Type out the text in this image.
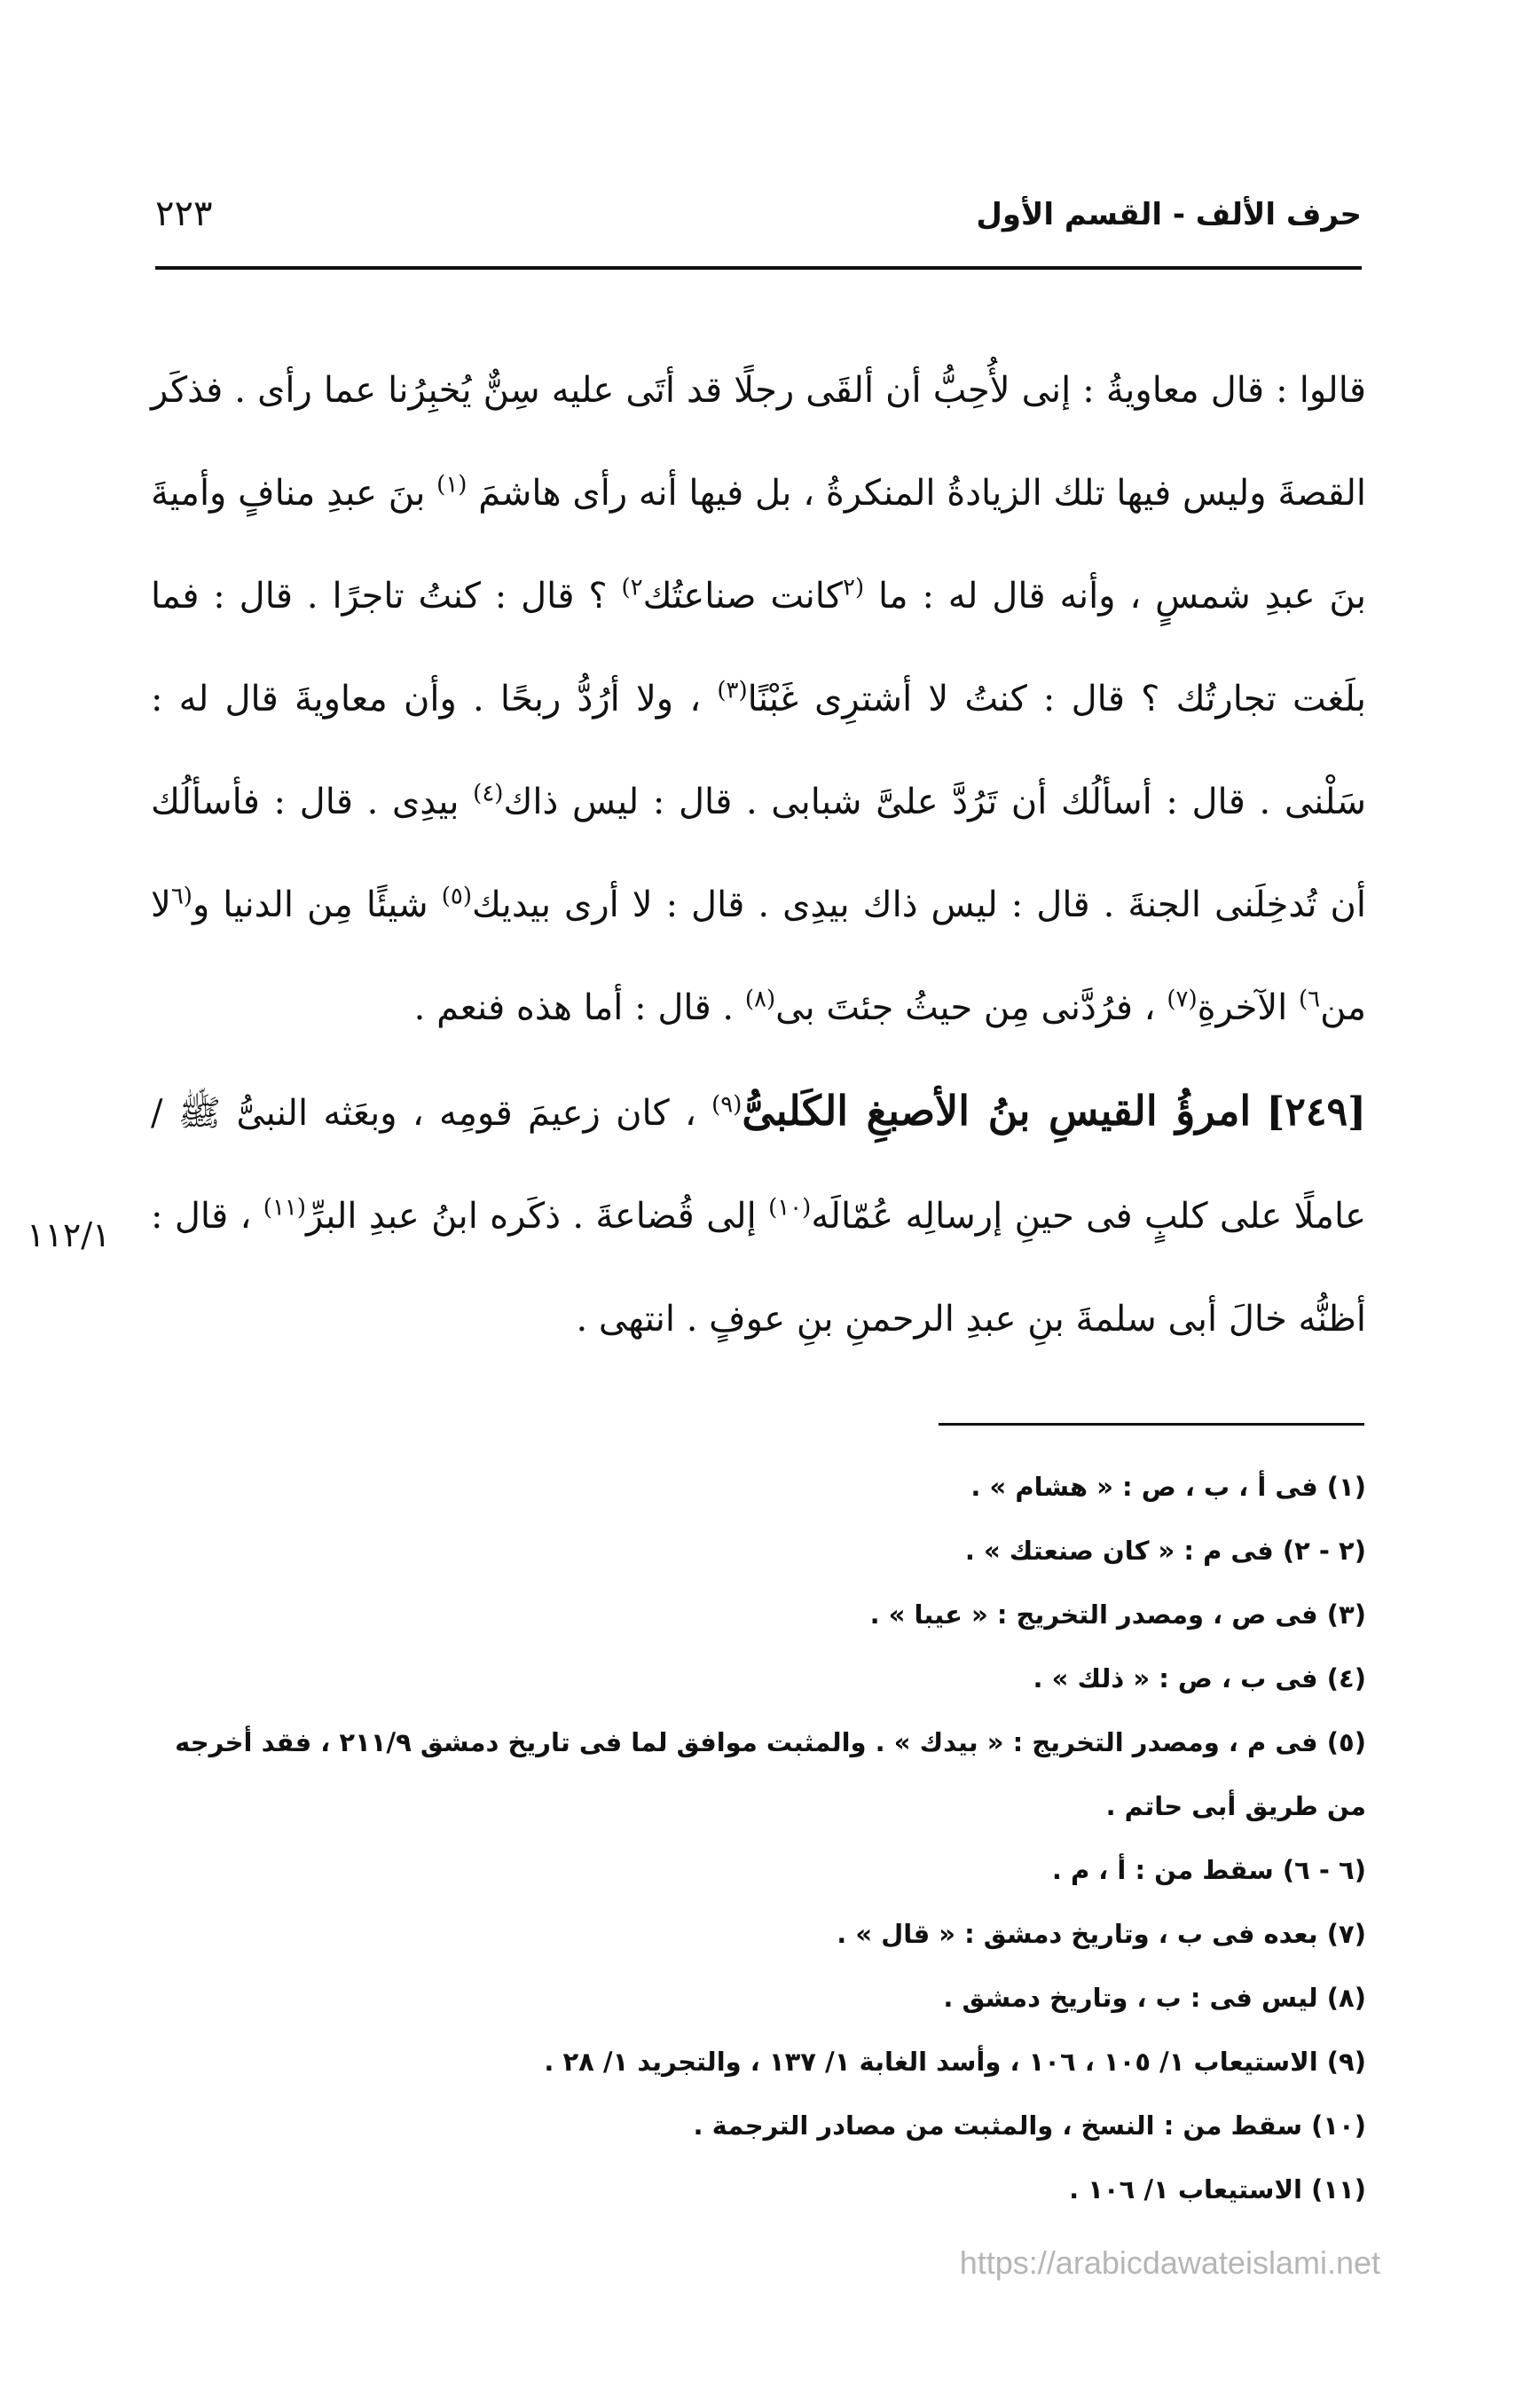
حرف الألف - القسم الأول
٢٢٣

قالوا : قال معاويةُ : إنى لأُحِبُّ أن ألقَى رجلًا قد أتَى عليه سِنٌّ يُخبِرُنا عما رأى . فذكَر القصةَ وليس فيها تلك الزيادةُ المنكرةُ ، بل فيها أنه رأى هاشمَ $^{(١)}$ بنَ عبدِ منافٍ وأميةَ بنَ عبدِ شمسٍ ، وأنه قال له : ما $^{(٢}$كانت صناعتُك$^{٢)}$ ؟ قال : كنتُ تاجرًا . قال : فما بلَغت تجارتُك ؟ قال : كنتُ لا أشترِى غَبْنًا$^{(٣)}$ ، ولا أرُدُّ ربحًا . وأن معاويةَ قال له : سَلْنى . قال : أسألُك أن تَرُدَّ علىَّ شبابى . قال : ليس ذاك$^{(٤)}$ بيدِى . قال : فأسألُك أن تُدخِلَنى الجنةَ . قال : ليس ذاك بيدِى . قال : لا أرى بيديك$^{(٥)}$ شيئًا مِن الدنيا و$^{(٦}$لا من$^{٦)}$ الآخرةِ$^{(٧)}$ ، فرُدَّنى مِن حيثُ جئتَ بى$^{(٨)}$ . قال : أما هذه فنعم .

[٢٤٩] امرؤُ القيسِ بنُ الأصبغِ الكَلبىُّ$^{(٩)}$ ، كان زعيمَ قومِه ، وبعَثه النبىُّ ﷺ / عاملًا على كلبٍ فى حينِ إرسالِه عُمّالَه$^{(١٠)}$ إلى قُضاعةَ . ذكَره ابنُ عبدِ البرِّ$^{(١١)}$ ، قال : أظنُّه خالَ أبى سلمةَ بنِ عبدِ الرحمنِ بنِ عوفٍ . انتهى .

١١٢/١

(١) فى أ ، ب ، ص : « هشام » .

(٢ - ٢) فى م : « كان صنعتك » .

(٣) فى ص ، ومصدر التخريج : « عيبا » .

(٤) فى ب ، ص : « ذلك » .

(٥) فى م ، ومصدر التخريج : « بيدك » . والمثبت موافق لما فى تاريخ دمشق ٢١١/٩ ، فقد أخرجه من طريق أبى حاتم .

(٦ - ٦) سقط من : أ ، م .

(٧) بعده فى ب ، وتاريخ دمشق : « قال » .

(٨) ليس فى : ب ، وتاريخ دمشق .

(٩) الاستيعاب ١/ ١٠٥ ، ١٠٦ ، وأسد الغابة ١/ ١٣٧ ، والتجريد ١/ ٢٨ .

(١٠) سقط من : النسخ ، والمثبت من مصادر الترجمة .

(١١) الاستيعاب ١/ ١٠٦ .

https://arabicdawateislami.net
